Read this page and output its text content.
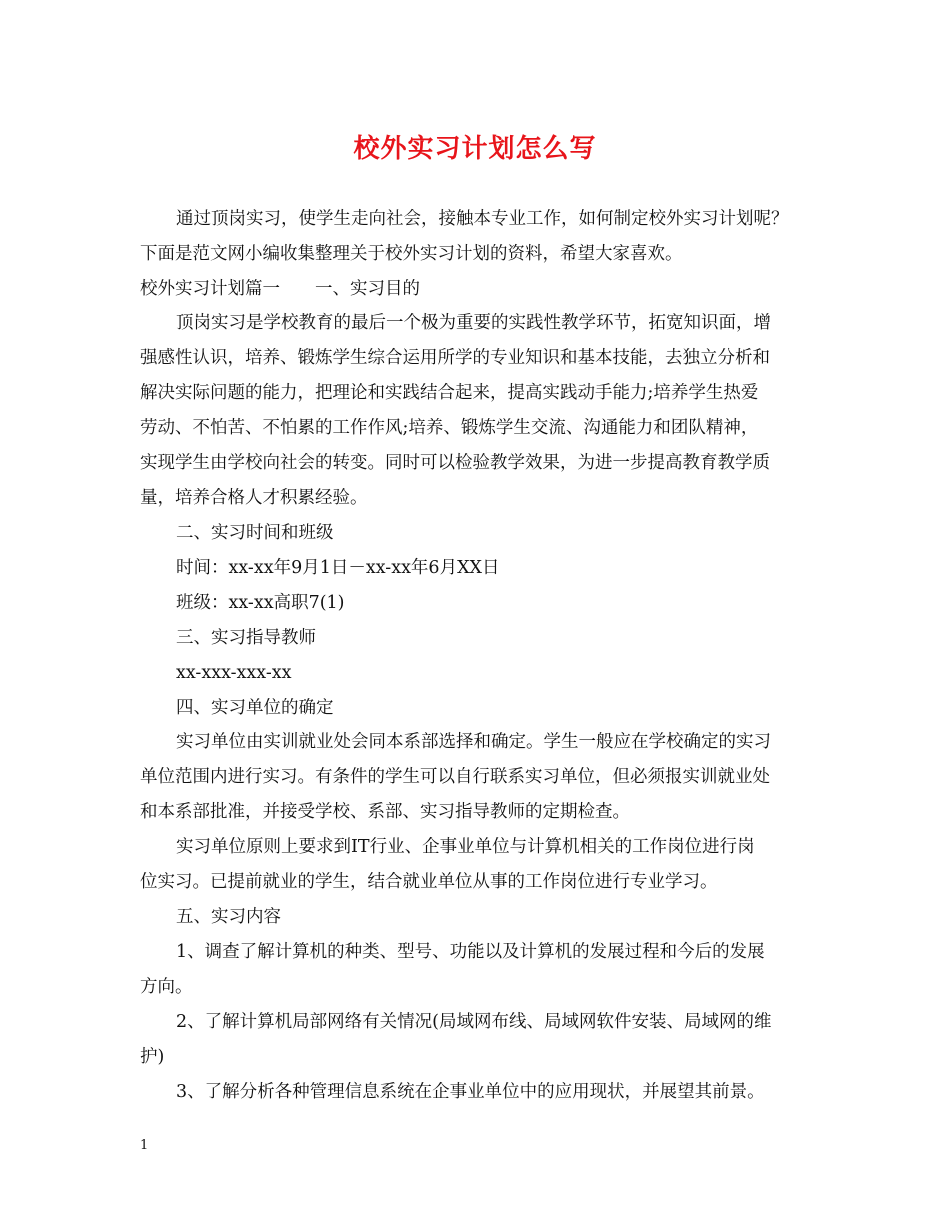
校外实习计划怎么写
通过顶岗实习，使学生走向社会，接触本专业工作，如何制定校外实习计划呢？
下面是范文网小编收集整理关于校外实习计划的资料，希望大家喜欢。
校外实习计划篇一　　一、实习目的
顶岗实习是学校教育的最后一个极为重要的实践性教学环节，拓宽知识面，增
强感性认识，培养、锻炼学生综合运用所学的专业知识和基本技能，去独立分析和
解决实际问题的能力，把理论和实践结合起来，提高实践动手能力;培养学生热爱
劳动、不怕苦、不怕累的工作作风;培养、锻炼学生交流、沟通能力和团队精神，
实现学生由学校向社会的转变。同时可以检验教学效果，为进一步提高教育教学质
量，培养合格人才积累经验。
二、实习时间和班级
时间：xx-xx年9月1日－xx-xx年6月XX日
班级：xx-xx高职7(1)
三、实习指导教师
xx-xxx-xxx-xx
四、实习单位的确定
实习单位由实训就业处会同本系部选择和确定。学生一般应在学校确定的实习
单位范围内进行实习。有条件的学生可以自行联系实习单位，但必须报实训就业处
和本系部批准，并接受学校、系部、实习指导教师的定期检查。
实习单位原则上要求到IT行业、企事业单位与计算机相关的工作岗位进行岗
位实习。已提前就业的学生，结合就业单位从事的工作岗位进行专业学习。
五、实习内容
1、调查了解计算机的种类、型号、功能以及计算机的发展过程和今后的发展
方向。
2、了解计算机局部网络有关情况(局域网布线、局域网软件安装、局域网的维
护)
3、了解分析各种管理信息系统在企事业单位中的应用现状，并展望其前景。
1
